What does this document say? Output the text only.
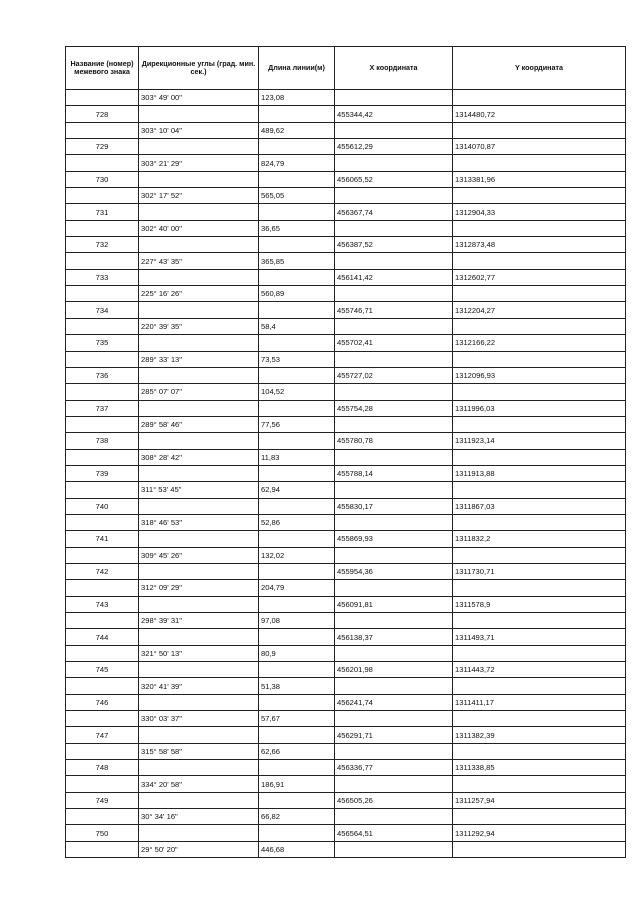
Название (номер) межевого знака	Дирекционные углы (град. мин. сек.)	Длина линии(м)	X координата	Y координата
	303° 49' 00"	123,08		
728			455344,42	1314480,72
	303° 10' 04"	489,62		
729			455612,29	1314070,87
	303° 21' 29"	824,79		
730			456065,52	1313381,96
	302° 17' 52"	565,05		
731			456367,74	1312904,33
	302° 40' 00"	36,65		
732			456387,52	1312873,48
	227° 43' 35"	365,85		
733			456141,42	1312602,77
	225° 16' 26"	560,89		
734			455746,71	1312204,27
	220° 39' 35"	58,4		
735			455702,41	1312166,22
	289° 33' 13"	73,53		
736			455727,02	1312096,93
	285° 07' 07"	104,52		
737			455754,28	1311996,03
	289° 58' 46"	77,56		
738			455780,78	1311923,14
	308° 28' 42"	11,83		
739			455788,14	1311913,88
	311° 53' 45"	62,94		
740			455830,17	1311867,03
	318° 46' 53"	52,86		
741			455869,93	1311832,2
	309° 45' 26"	132,02		
742			455954,36	1311730,71
	312° 09' 29"	204,79		
743			456091,81	1311578,9
	298° 39' 31"	97,08		
744			456138,37	1311493,71
	321° 50' 13"	80,9		
745			456201,98	1311443,72
	320° 41' 39"	51,38		
746			456241,74	1311411,17
	330° 03' 37"	57,67		
747			456291,71	1311382,39
	315° 58' 58"	62,66		
748			456336,77	1311338,85
	334° 20' 58"	186,91		
749			456505,26	1311257,94
	30° 34' 16"	66,82		
750			456564,51	1311292,94
	29° 50' 20"	446,68		
